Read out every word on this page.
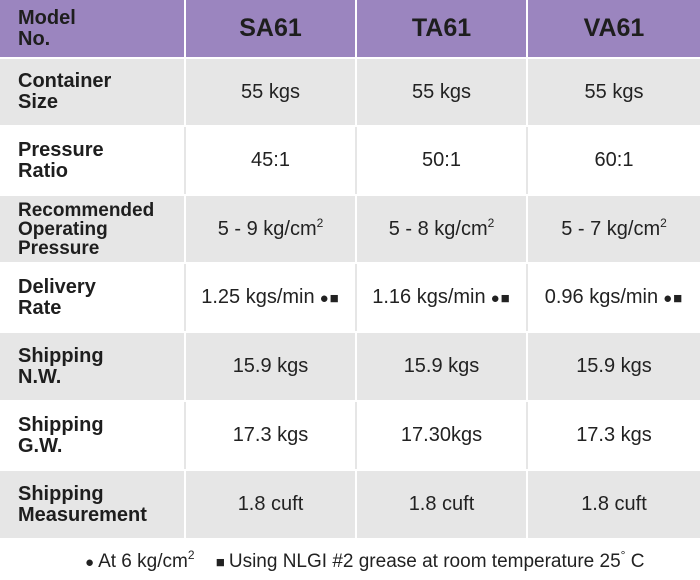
Model
No.	SA61	TA61	VA61
Container
Size	55 kgs	55 kgs	55 kgs
Pressure
Ratio	45:1	50:1	60:1
Recommended
Operating
Pressure	5 - 9 $kg/cm^2$	5 - 8 $kg/cm^2$	5 - 7 $kg/cm^2$
Delivery
Rate	1.25 kgs/min ●■	1.16 kgs/min ●■	0.96 kgs/min ●■
Shipping
N.W.	15.9 kgs	15.9 kgs	15.9 kgs
Shipping
G.W.	17.3 kgs	17.30kgs	17.3 kgs
Shipping
Measurement	1.8 cuft	1.8 cuft	1.8 cuft
● At 6 $kg/cm^2$ ■ Using NLGI #2 grease at room temperature 25° C
